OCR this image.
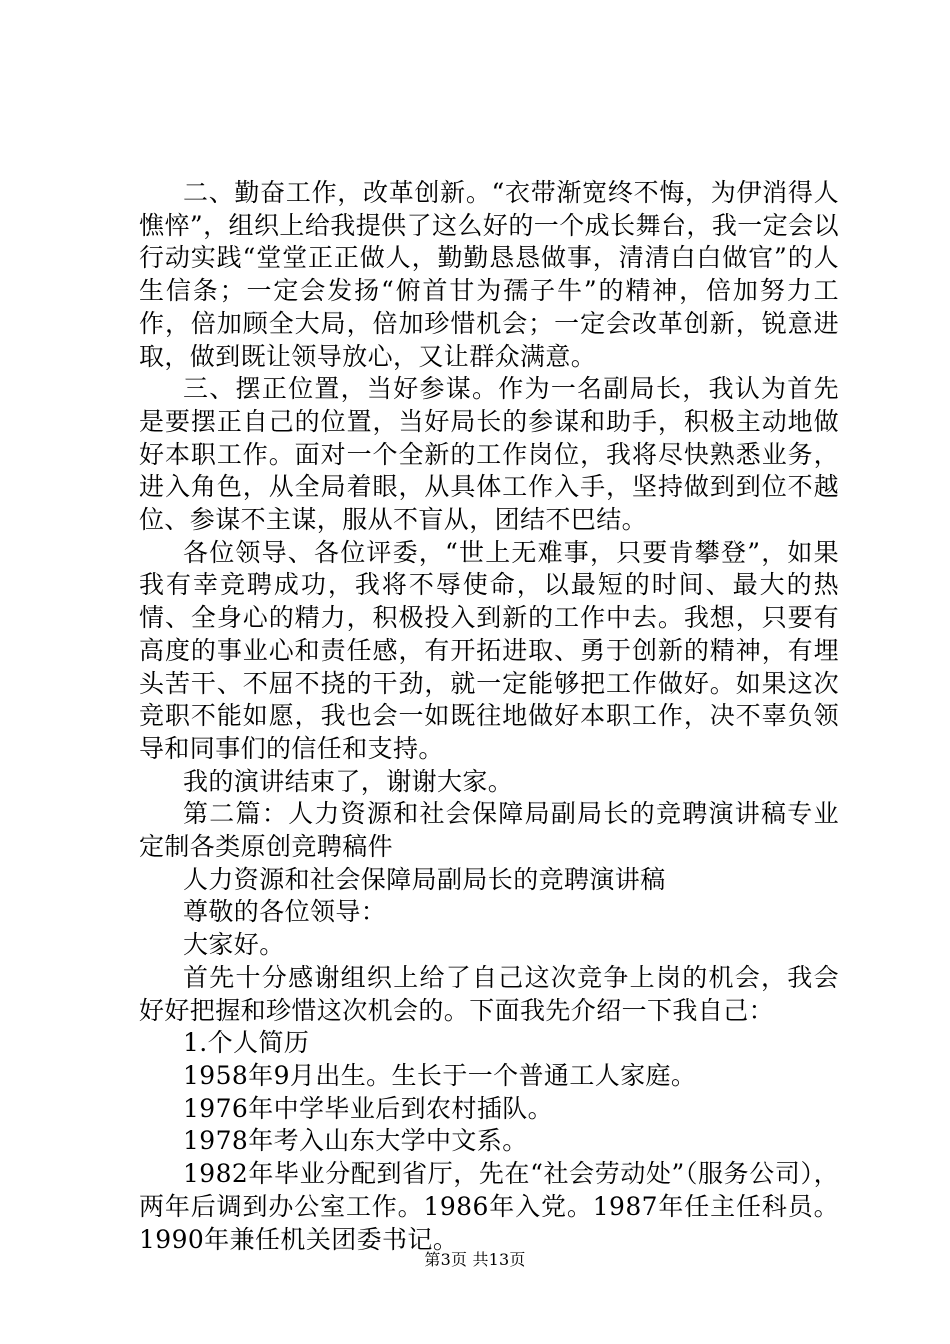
二、勤奋工作，改革创新。“衣带渐宽终不悔，为伊消得人憔悴”，组织上给我提供了这么好的一个成长舞台，我一定会以行动实践“堂堂正正做人，勤勤恳恳做事，清清白白做官”的人生信条；一定会发扬“俯首甘为孺子牛”的精神，倍加努力工作，倍加顾全大局，倍加珍惜机会；一定会改革创新，锐意进取，做到既让领导放心，又让群众满意。

三、摆正位置，当好参谋。作为一名副局长，我认为首先是要摆正自己的位置，当好局长的参谋和助手，积极主动地做好本职工作。面对一个全新的工作岗位，我将尽快熟悉业务，进入角色，从全局着眼，从具体工作入手，坚持做到到位不越位、参谋不主谋，服从不盲从，团结不巴结。

各位领导、各位评委，“世上无难事，只要肯攀登”，如果我有幸竞聘成功，我将不辱使命，以最短的时间、最大的热情、全身心的精力，积极投入到新的工作中去。我想，只要有高度的事业心和责任感，有开拓进取、勇于创新的精神，有埋头苦干、不屈不挠的干劲，就一定能够把工作做好。如果这次竞职不能如愿，我也会一如既往地做好本职工作，决不辜负领导和同事们的信任和支持。

我的演讲结束了，谢谢大家。

第二篇：人力资源和社会保障局副局长的竞聘演讲稿专业定制各类原创竞聘稿件

人力资源和社会保障局副局长的竞聘演讲稿

尊敬的各位领导：

大家好。

首先十分感谢组织上给了自己这次竞争上岗的机会，我会好好把握和珍惜这次机会的。下面我先介绍一下我自己：

1.个人简历

1958年9月出生。生长于一个普通工人家庭。

1976年中学毕业后到农村插队。

1978年考入山东大学中文系。

1982年毕业分配到省厅，先在“社会劳动处”（服务公司），两年后调到办公室工作。1986年入党。1987年任主任科员。1990年兼任机关团委书记。

第3页 共13页
